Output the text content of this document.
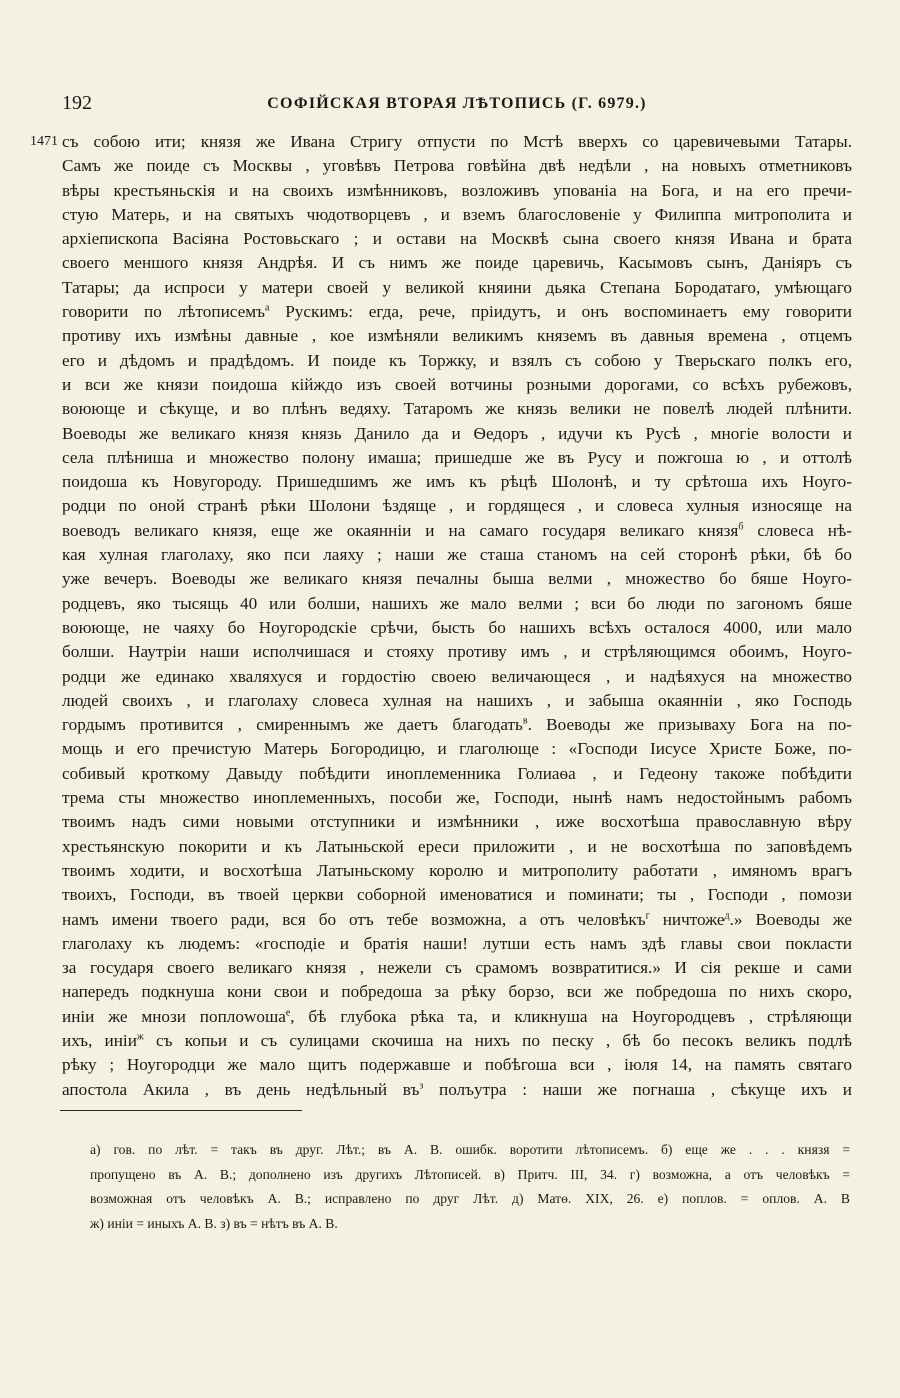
192	СОФІЙСКАЯ ВТОРАЯ ЛѢТОПИСЬ (Г. 6979.)
1471 съ собою ити; князя же Ивана Стригу отпусти по Мстѣ вверхъ со царевичевыми Татары.
Самъ же поиде съ Москвы , уговѣвъ Петрова говѣйна двѣ недѣли , на новыхъ отметниковъ
вѣры крестьяньскія и на своихъ измѣнниковъ, возложивъ упованіа на Бога, и на его пречи-
стую Матерь, и на святыхъ чюдотворцевъ , и вземъ благословеніе у Филиппа митрополита и
архіепископа Васіяна Ростовьскаго ; и остави на Москвѣ сына своего князя Ивана и брата
своего меншого князя Андрѣя. И съ нимъ же поиде царевичь, Касымовъ сынъ, Даніяръ съ
Татары; да испроси у матери своей у великой княини дьяка Степана Бородатаго, умѣющаго
говорити по лѣтописемъ$^а$ Рускимъ: егда, рече, пріидутъ, и онъ воспоминаетъ ему говорити
противу ихъ измѣны давные , кое измѣняли великимъ княземъ въ давныя времена , отцемъ
его и дѣдомъ и прадѣдомъ. И поиде къ Торжку, и взялъ съ собою у Тверьскаго полкъ его,
и вси же князи поидоша кійждо изъ своей вотчины розными дорогами, со всѣхъ рубежовъ,
воююще и сѣкуще, и во плѣнъ ведяху. Татаромъ же князь велики не повелѣ людей плѣнити.
Воеводы же великаго князя князь Данило да и Ѳедоръ , идучи къ Русѣ , многіе волости и
села плѣниша и множество полону имаша; пришедше же въ Русу и пожгоша ю , и оттолѣ
поидоша къ Новугороду. Пришедшимъ же имъ къ рѣцѣ Шолонѣ, и ту срѣтоша ихъ Ноуго-
родци по оной странѣ рѣки Шолони ѣздяще , и гордящеся , и словеса хулныя износяще на
воеводъ великаго князя, еще же окаянніи и на самаго государя великаго князя$^б$ словеса нѣ-
кая хулная глаголаху, яко пси лаяху ; наши же сташа станомъ на сей сторонѣ рѣки, бѣ бо
уже вечеръ. Воеводы же великаго князя печалны быша велми , множество бо бяше Ноуго-
родцевъ, яко тысящь 40 или болши, нашихъ же мало велми ; вси бо люди по загономъ бяше
воююще, не чаяху бо Ноугородскіе срѣчи, бысть бо нашихъ всѣхъ осталося 4000, или мало
болши. Наутріи наши исполчишася и стояху противу имъ , и стрѣляющимся обоимъ, Ноуго-
родци же единако хваляхуся и гордостію своею величающеся , и надѣяхуся на множество
людей своихъ , и глаголаху словеса хулная на нашихъ , и забыша окаянніи , яко Господь
гордымъ противится , смиреннымъ же даетъ благодать$^в$. Воеводы же призываху Бога на по-
мощь и его пречистую Матерь Богородицю, и глаголюще : «Господи Іисусе Христе Боже, по-
собивый кроткому Давыду побѣдити иноплеменника Голиаѳа , и Гедеону такоже побѣдити
трема сты множество иноплеменныхъ, пособи же, Господи, нынѣ намъ недостойнымъ рабомъ
твоимъ надъ сими новыми отступники и измѣнники , иже восхотѣша православную вѣру
хрестьянскую покорити и къ Латыньской ереси приложити , и не восхотѣша по заповѣдемъ
твоимъ ходити, и восхотѣша Латыньскому королю и митрополиту работати , имяномъ врагъ
твоихъ, Господи, въ твоей церкви соборной именоватися и поминати; ты , Господи , помози
намъ имени твоего ради, вся бо отъ тебе возможна, а отъ человѣкъ$^г$ ничтоже$^д$.» Воеводы же
глаголаху къ людемъ: «господіе и братія наши! лутши есть намъ здѣ главы свои покласти
за государя своего великаго князя , нежели съ срамомъ возвратитися.» И сія рекше и сами
напередъ подкнуша кони свои и побредоша за рѣку борзо, вси же побредоша по нихъ скоро,
иніи же мнози поплowоша$^е$, бѣ глубока рѣка та, и кликнуша на Ноугородцевъ , стрѣляющи
ихъ, иніи$^ж$ съ копьи и съ сулицами скочиша на нихъ по песку , бѣ бо песокъ великъ подлѣ
рѣку ; Ноугородци же мало щитъ подержавше и побѣгоша вси , іюля 14, на память святаго
апостола Акила , въ день недѣльный $въ^з$ полъутра : наши же погнаша , сѣкуще ихъ и
а) гов. по лѣт. = такъ въ друг. Лѣт.; въ А. В. ошибк. воротити лѣтописемъ. б) еще же . . . князя =
пропущено въ А. В.; дополнено изъ другихъ Лѣтописей. в) Притч. III, 34. г) возможна, а отъ человѣкъ =
возможная отъ человѣкъ А. В.; исправлено по друг Лѣт. д) Матѳ. XIX, 26. е) поплов. = оплов. А. В
ж) иніи = иныхъ А. В. з) въ = нѣтъ въ А. В.
